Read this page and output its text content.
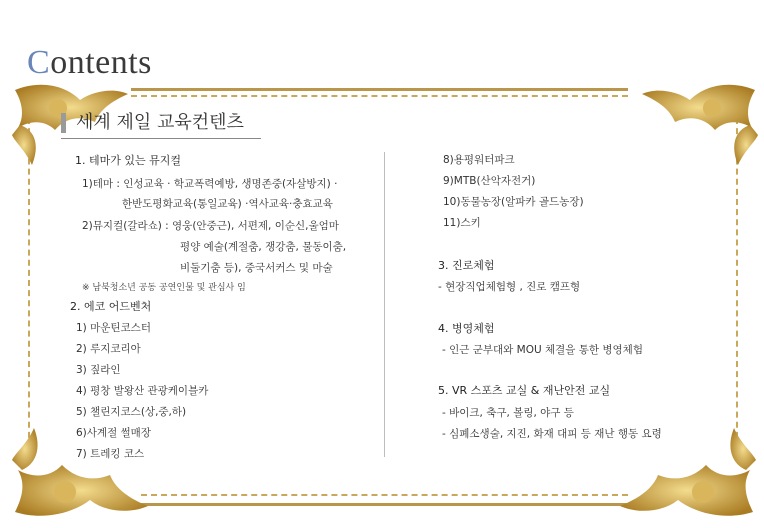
Contents
세계 제일 교육컨텐츠
1. 테마가 있는 뮤지컬
1)테마 : 인성교육 · 학교폭력예방, 생명존중(자살방지) ·
한반도평화교육(통일교육) ·역사교육·충효교육
2)뮤지컬(갈라쇼) : 영웅(안중근), 서편제, 이순신,울엄마
평양 예술(계절춤, 쟁강춤, 물동이춤,
비둘기춤 등), 중국서커스 및 마술
※ 남북청소년 공동 공연인물 및 관심사 임
2. 에코 어드벤처
1) 마운틴코스터
2) 루지코리아
3) 짚라인
4) 평창 발왕산 관광케이블카
5) 챌린지코스(상,중,하)
6)사계절 썰매장
7) 트레킹 코스
8)용평워터파크
9)MTB(산악자전거)
10)동물농장(알파카 골드농장)
11)스키
3. 진로체험
- 현장직업체험형 , 진로 캠프형
4. 병영체험
- 인근 군부대와 MOU 체결을 통한 병영체험
5. VR 스포츠 교실 & 재난안전 교실
- 바이크, 축구, 볼링, 야구 등
- 심폐소생술, 지진, 화재 대피 등 재난 행동 요령
